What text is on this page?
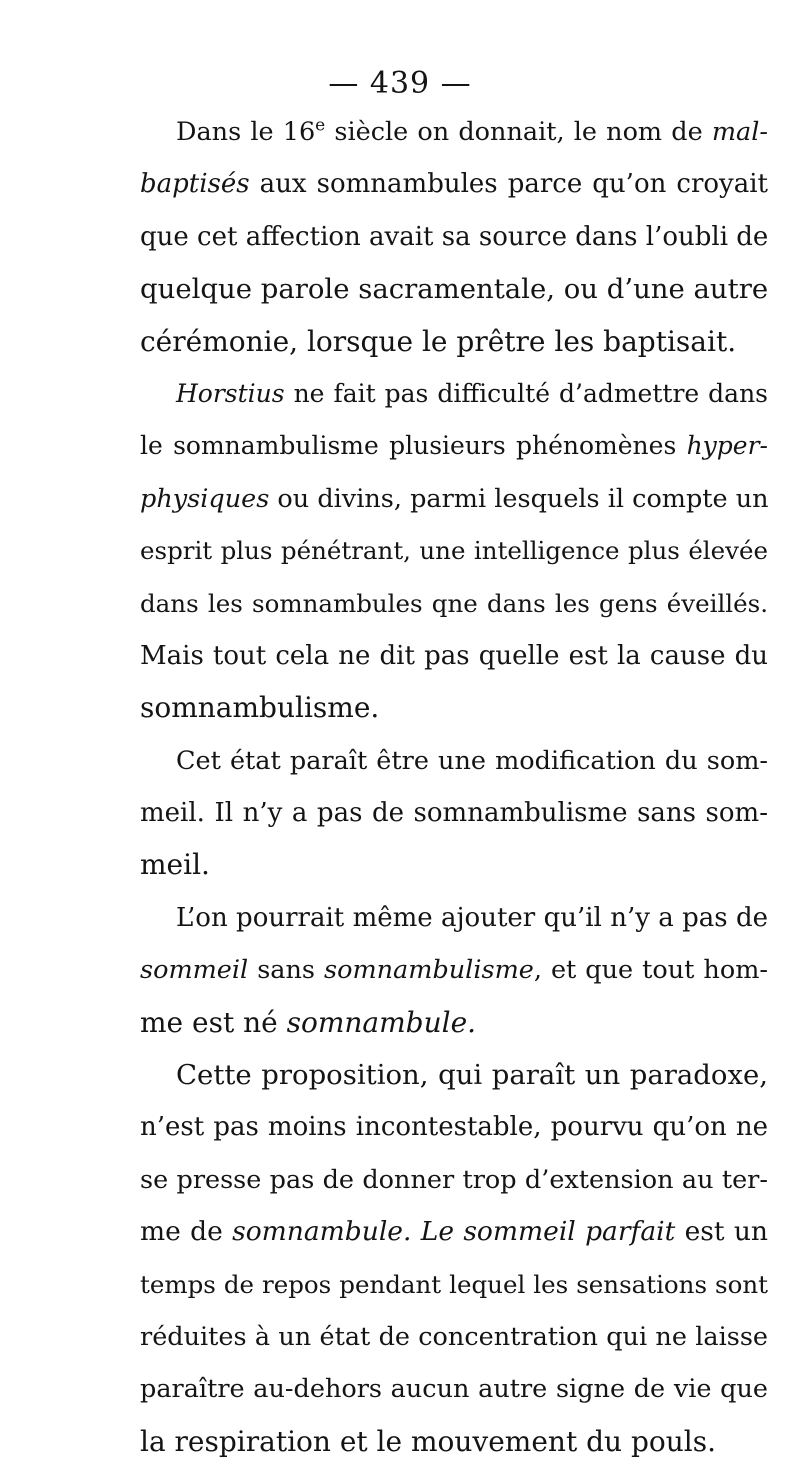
— 439 —
Dans le 16e siècle on donnait, le nom de mal-
baptisés aux somnambules parce qu’on croyait
que cet affection avait sa source dans l’oubli de
quelque parole sacramentale, ou d’une autre
cérémonie, lorsque le prêtre les baptisait.
Horstius ne fait pas difficulté d’admettre dans
le somnambulisme plusieurs phénomènes hyper-
physiques ou divins, parmi lesquels il compte un
esprit plus pénétrant, une intelligence plus élevée
dans les somnambules qne dans les gens éveillés.
Mais tout cela ne dit pas quelle est la cause du
somnambulisme.
Cet état paraît être une modification du som-
meil. Il n’y a pas de somnambulisme sans som-
meil.
L’on pourrait même ajouter qu’il n’y a pas de
sommeil sans somnambulisme, et que tout hom-
me est né somnambule.
Cette proposition, qui paraît un paradoxe,
n’est pas moins incontestable, pourvu qu’on ne
se presse pas de donner trop d’extension au ter-
me de somnambule. Le sommeil parfait est un
temps de repos pendant lequel les sensations sont
réduites à un état de concentration qui ne laisse
paraître au-dehors aucun autre signe de vie que
la respiration et le mouvement du pouls.
